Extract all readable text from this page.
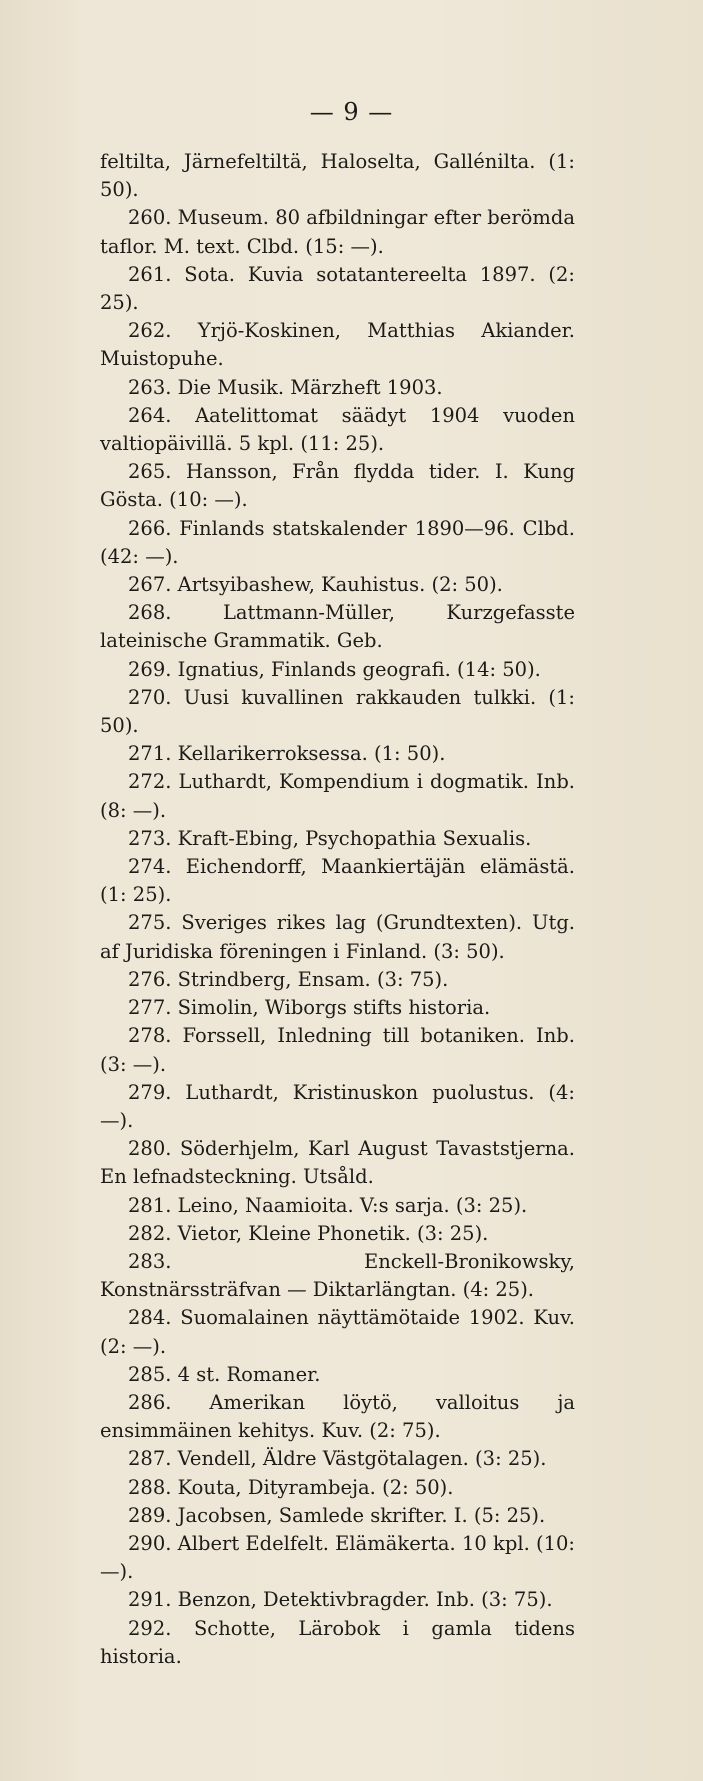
— 9 —

feltilta, Järnefeltiltä, Haloselta, Gallénilta. (1: 50).

260. Museum. 80 afbildningar efter berömda taflor. M. text. Clbd. (15: —).

261. Sota. Kuvia sotatantereelta 1897. (2: 25).

262. Yrjö-Koskinen, Matthias Akiander. Muistopuhe.

263. Die Musik. Märzheft 1903.

264. Aatelittomat säädyt 1904 vuoden valtiopäivillä. 5 kpl. (11: 25).

265. Hansson, Från flydda tider. I. Kung Gösta. (10: —).

266. Finlands statskalender 1890—96. Clbd. (42: —).

267. Artsyibashew, Kauhistus. (2: 50).

268.	Lattmann-Müller, Kurzgefasste lateinische Grammatik. Geb.

269. Ignatius, Finlands geografi. (14: 50).

270. Uusi kuvallinen rakkauden tulkki. (1: 50).

271. Kellarikerroksessa. (1: 50).

272. Luthardt, Kompendium i dogmatik. Inb. (8: —).

273. Kraft-Ebing, Psychopathia Sexualis.

274. Eichendorff, Maankiertäjän elämästä. (1: 25).

275. Sveriges rikes lag (Grundtexten). Utg. af Juridiska föreningen i Finland. (3: 50).

276. Strindberg, Ensam. (3: 75).

277. Simolin, Wiborgs stifts historia.

278. Forssell, Inledning till botaniken. Inb. (3: —).

279. Luthardt, Kristinuskon puolustus. (4: —).

280. Söderhjelm, Karl August Tavaststjerna. En lefnadsteckning. Utsåld.

281. Leino, Naamioita. V:s sarja. (3: 25).

282. Vietor, Kleine Phonetik. (3: 25).

283.	Enckell-Bronikowsky, Konstnärssträfvan — Diktarlängtan. (4: 25).

284. Suomalainen näyttämötaide 1902. Kuv. (2: —).

285. 4 st. Romaner.

286. Amerikan löytö, valloitus ja ensimmäinen kehitys. Kuv. (2: 75).

287. Vendell, Äldre Västgötalagen. (3: 25).

288. Kouta, Dityrambeja. (2: 50).

289. Jacobsen, Samlede skrifter. I. (5: 25).

290. Albert Edelfelt. Elämäkerta. 10 kpl. (10: —).

291. Benzon, Detektivbragder. Inb. (3: 75).

292. Schotte, Lärobok i gamla tidens historia.
